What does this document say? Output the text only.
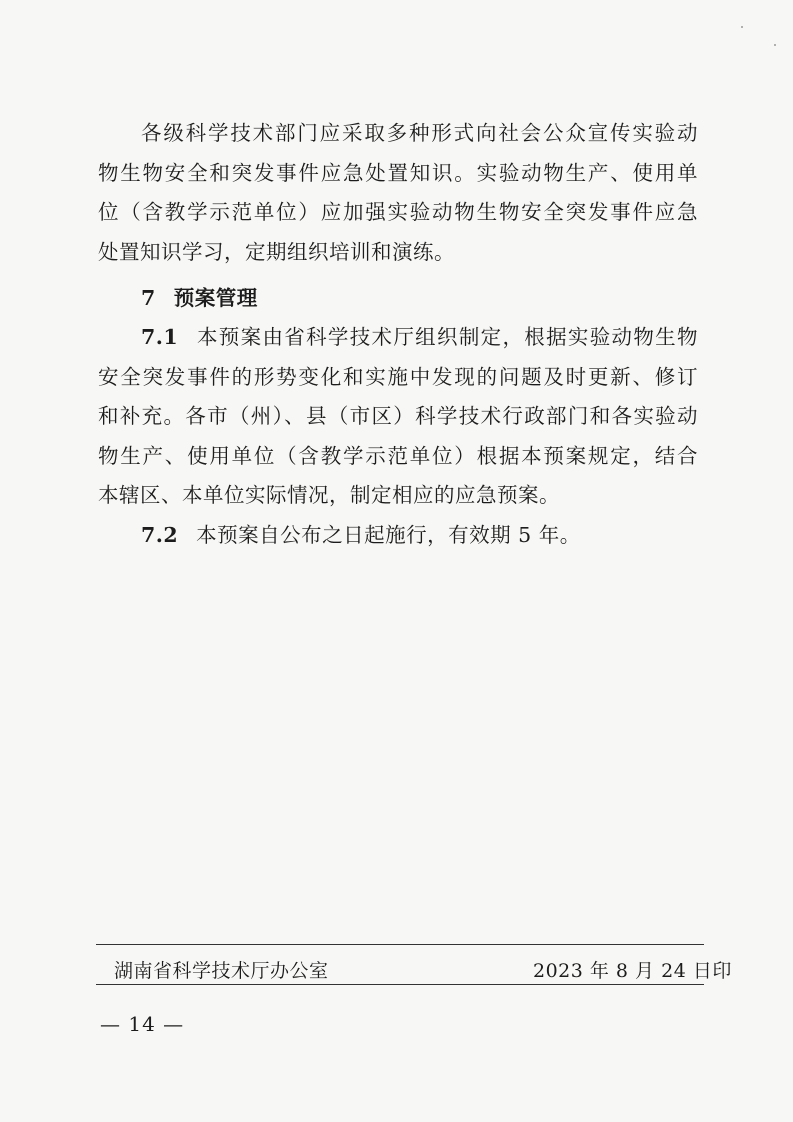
各级科学技术部门应采取多种形式向社会公众宣传实验动
物生物安全和突发事件应急处置知识。实验动物生产、使用单
位（含教学示范单位）应加强实验动物生物安全突发事件应急
处置知识学习，定期组织培训和演练。
7 预案管理
7.1 本预案由省科学技术厅组织制定，根据实验动物生物
安全突发事件的形势变化和实施中发现的问题及时更新、修订
和补充。各市（州）、县（市区）科学技术行政部门和各实验动
物生产、使用单位（含教学示范单位）根据本预案规定，结合
本辖区、本单位实际情况，制定相应的应急预案。
7.2 本预案自公布之日起施行，有效期 5 年。
湖南省科学技术厅办公室	2023 年 8 月 24 日印
— 14 —
